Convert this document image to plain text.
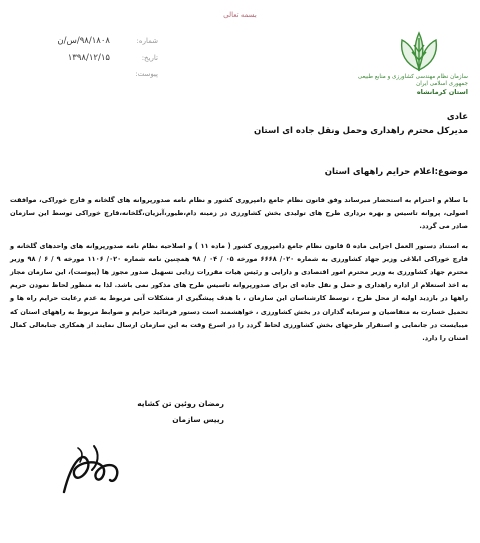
بسمه تعالی
شماره:
۹۸/۱۸۰۸/س/ن
تاریخ:
۱۳۹۸/۱۲/۱۵
پیوست:	سازمان نظام مهندسی کشاورزی و منابع طبیعی
جمهوری اسلامی ایران
استان کرمانشاه
عادی
مدیرکل محترم راهداری وحمل ونقل جاده ای استان
موضوع:اعلام حرایم راههای استان

با سلام و احترام به استحضار میرساند وفق قانون نظام جامع دامپروری کشور و نظام نامه صدورپروانه های گلخانه و فارج خوراکی، موافقت اصولی، پروانه تاسیس و بهره برداری طرح های تولیدی بخش کشاورزی در زمینه دام،طیور،آبزیان،گلخانه،قارچ خوراکی توسط این سازمان صادر می گردد.

به استناد دستور العمل اجرایی ماده ۵ قانون نظام جامع دامپروری کشور ( ماده ۱۱ ) و اصلاحیه نظام نامه صدورپروانه های واحدهای گلخانه و قارچ خوراکی ابلاغی وزیر جهاد کشاورزی به شماره ۰۲۰/ ۶۶۶۸ مورخه ۰۵ / ۰۴ / ۹۸ همچنین نامه شماره ۰۲۰/ ۱۱۰۶ مورخه ۹ / ۶ / ۹۸ وزیر محترم جهاد کشاورزی به وزیر محترم امور اقتصادی و دارایی و رئیس هیات مقررات زدایی تسهیل صدور مجوز ها (پیوست)، این سازمان مجاز به اخذ استعلام از اداره راهداری و حمل و نقل جاده ای برای صدورپروانه تاسیس طرح های مذکور نمی باشد. لذا به منظور لحاظ نمودن حریم راهها در بازدید اولیه از محل طرح ، توسط کارشناسان این سازمان ، با هدف پیشگیری از مشکلات آتی مربوط به عدم رعایت حرایم راه ها و تحمیل خسارت به متقاضیان و سرمایه گذاران در بخش کشاورزی ، خواهشمند است دستور فرمائید حرایم و ضوابط مربوط به راههای استان که میبایست در جانمایی و استقرار طرحهای بخش کشاورزی لحاظ گردد را در اسرع وقت به این سازمان ارسال نمایند از همکاری جنابعالی کمال امتنان را دارد.

رمضان روئین تن کشایه
رییس سازمان
